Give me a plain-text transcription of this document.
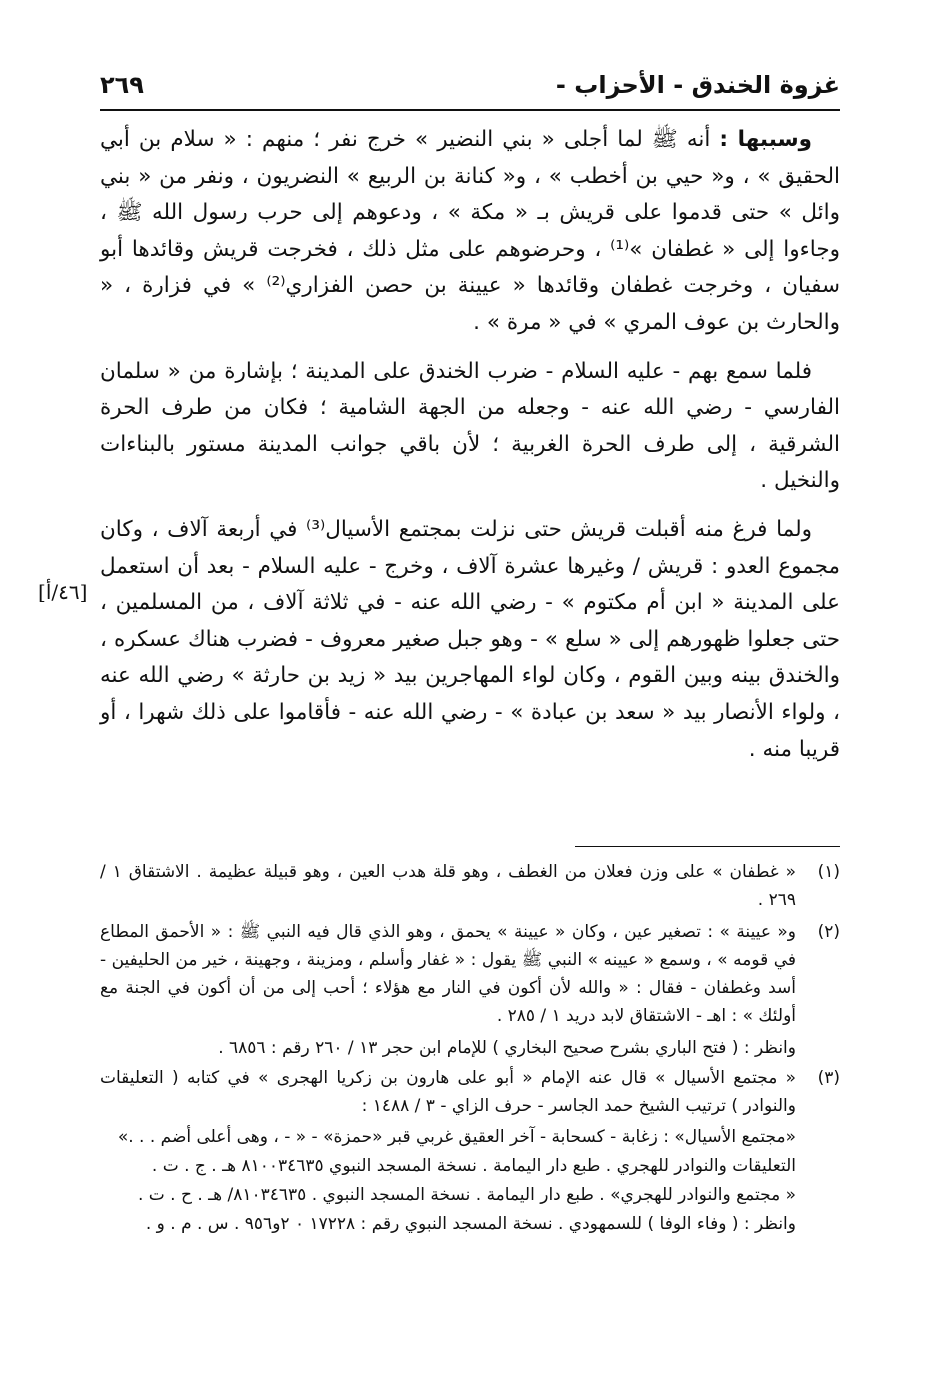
غزوة الخندق - الأحزاب -
٢٦٩

وسببها : أنه ﷺ لما أجلى « بني النضير » خرج نفر ؛ منهم : « سلام بن أبي الحقيق » ، و« حيي بن أخطب » ، و« كنانة بن الربيع » النضريون ، ونفر من « بني وائل » حتى قدموا على قريش بـ « مكة » ، ودعوهم إلى حرب رسول الله ﷺ ، وجاءوا إلى « غطفان »⁽¹⁾ ، وحرضوهم على مثل ذلك ، فخرجت قريش وقائدها أبو سفيان ، وخرجت غطفان وقائدها « عيينة بن حصن الفزاري⁽²⁾ » في فزارة ، « والحارث بن عوف المري » في « مرة » .

فلما سمع بهم - عليه السلام - ضرب الخندق على المدينة ؛ بإشارة من « سلمان الفارسي - رضي الله عنه - وجعله من الجهة الشامية ؛ فكان من طرف الحرة الشرقية ، إلى طرف الحرة الغربية ؛ لأن باقي جوانب المدينة مستور بالبناءات والنخيل .

ولما فرغ منه أقبلت قريش حتى نزلت بمجتمع الأسيال⁽³⁾ في أربعة آلاف ، وكان مجموع العدو : قريش / وغيرها عشرة آلاف ، وخرج - عليه السلام - بعد أن استعمل على المدينة « ابن أم مكتوم » - رضي الله عنه - في ثلاثة آلاف ، من المسلمين ، حتى جعلوا ظهورهم إلى « سلع » - وهو جبل صغير معروف - فضرب هناك عسكره ، والخندق بينه وبين القوم ، وكان لواء المهاجرين بيد « زيد بن حارثة » رضي الله عنه ، ولواء الأنصار بيد « سعد بن عبادة » - رضي الله عنه - فأقاموا على ذلك شهرا ، أو قريبا منه .

[٤٦/أ]
(١)
« غطفان » على وزن فعلان من الغطف ، وهو قلة هدب العين ، وهو قبيلة عظيمة . الاشتقاق ١ / ٢٦٩ .
(٢)
و« عيينة » : تصغير عين ، وكان « عيينة » يحمق ، وهو الذي قال فيه النبي ﷺ : « الأحمق المطاع في قومه » ، وسمع « عيينه » النبي ﷺ يقول : « غفار وأسلم ، ومزينة ، وجهينة ، خير من الحليفين - أسد وغطفان - فقال : « والله لأن أكون في النار مع هؤلاء ؛ أحب إلى من أن أكون في الجنة مع أولئك » : اهـ - الاشتقاق لابد دريد ١ / ٢٨٥ .
وانظر : ( فتح الباري بشرح صحيح البخاري ) للإمام ابن حجر ١٣ / ٢٦٠ رقم : ٦٨٥٦ .
(٣)
« مجتمع الأسيال » قال عنه الإمام « أبو على هارون بن زكريا الهجرى » في كتابه ( التعليقات والنوادر ) ترتيب الشيخ حمد الجاسر - حرف الزاي - ٣ / ١٤٨٨ :
«مجتمع الأسيال» : زغابة - كسحابة - آخر العقيق غربي قبر «حمزة» - « - ، وهى أعلى أضم . . .»
التعليقات والنوادر للهجري . طبع دار اليمامة . نسخة المسجد النبوي ٨١٠٠٣٤٦٣٥ هـ . ج . ت .
« مجتمع والنوادر للهجري» . طبع دار اليمامة . نسخة المسجد النبوي . ٨١٠٣٤٦٣٥/ هـ . ح . ت .
وانظر : ( وفاء الوفا ) للسمهودي . نسخة المسجد النبوي رقم : ١٧٢٢٨ ٠ ٢و٩٥٦ . س . م . و .
